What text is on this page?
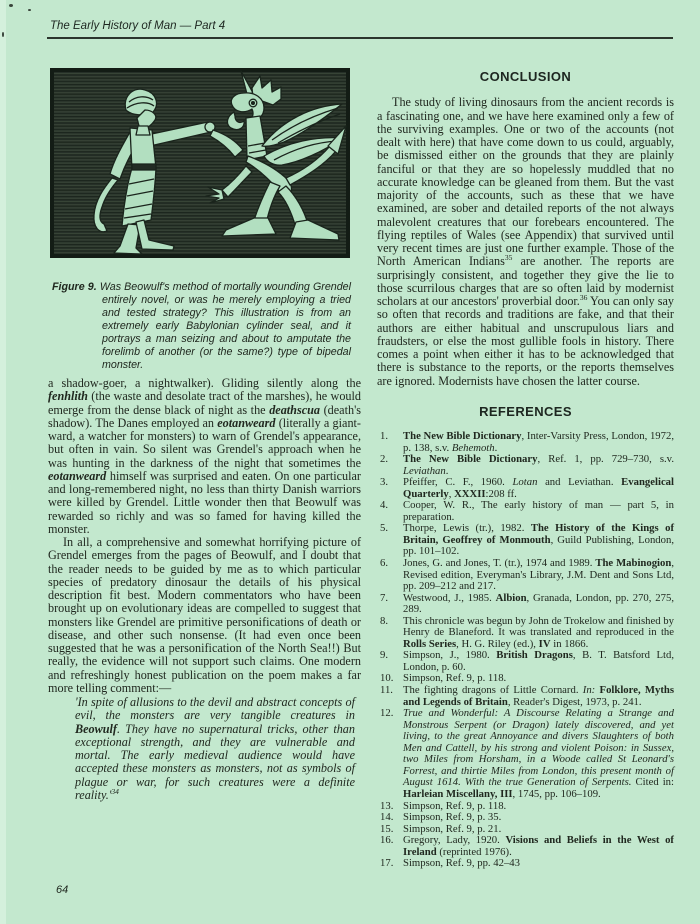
The Early History of Man — Part 4
Figure 9. Was Beowulf's method of mortally wounding Grendel entirely novel, or was he merely employing a tried and tested strategy? This illustration is from an extremely early Babylonian cylinder seal, and it portrays a man seizing and about to amputate the forelimb of another (or the same?) type of bipedal monster.
a shadow-goer, a nightwalker). Gliding silently along the fenhlith (the waste and desolate tract of the marshes), he would emerge from the dense black of night as the deathscua (death's shadow). The Danes employed an eotanweard (literally a giant-ward, a watcher for monsters) to warn of Grendel's appearance, but often in vain. So silent was Grendel's approach when he was hunting in the darkness of the night that sometimes the eotanweard himself was surprised and eaten. On one particular and long-remembered night, no less than thirty Danish warriors were killed by Grendel. Little wonder then that Beowulf was rewarded so richly and was so famed for having killed the monster.
In all, a comprehensive and somewhat horrifying picture of Grendel emerges from the pages of Beowulf, and I doubt that the reader needs to be guided by me as to which particular species of predatory dinosaur the details of his physical description fit best. Modern commentators who have been brought up on evolutionary ideas are compelled to suggest that monsters like Grendel are primitive personifications of death or disease, and other such nonsense. (It had even once been suggested that he was a personification of the North Sea!!) But really, the evidence will not support such claims. One modern and refreshingly honest publication on the poem makes a far more telling comment:—
'In spite of allusions to the devil and abstract concepts of evil, the monsters are very tangible creatures in Beowulf. They have no supernatural tricks, other than exceptional strength, and they are vulnerable and mortal. The early medieval audience would have accepted these monsters as monsters, not as symbols of plague or war, for such creatures were a definite $reality.'^{34}$
CONCLUSION
The study of living dinosaurs from the ancient records is a fascinating one, and we have here examined only a few of the surviving examples. One or two of the accounts (not dealt with here) that have come down to us could, arguably, be dismissed either on the grounds that they are plainly fanciful or that they are so hopelessly muddled that no accurate knowledge can be gleaned from them. But the vast majority of the accounts, such as these that we have examined, are sober and detailed reports of the not always malevolent creatures that our forebears encountered. The flying reptiles of Wales (see Appendix) that survived until very recent times are just one further example. Those of the North American Indians$^{35}$ are another. The reports are surprisingly consistent, and together they give the lie to those scurrilous charges that are so often laid by modernist scholars at our ancestors' proverbial door.$^{36}$ You can only say so often that records and traditions are fake, and that their authors are either habitual and unscrupulous liars and fraudsters, or else the most gullible fools in history. There comes a point when either it has to be acknowledged that there is substance to the reports, or the reports themselves are ignored. Modernists have chosen the latter course.
REFERENCES
1.	The New Bible Dictionary, Inter-Varsity Press, London, 1972, p. 138, s.v. Behemoth.
2.	The New Bible Dictionary, Ref. 1, pp. 729–730, s.v. Leviathan.
3.	Pfeiffer, C. F., 1960. Lotan and Leviathan. Evangelical Quarterly, XXXII:208 ff.
4.	Cooper, W. R., The early history of man — part 5, in preparation.
5.	Thorpe, Lewis (tr.), 1982. The History of the Kings of Britain, Geoffrey of Monmouth, Guild Publishing, London, pp. 101–102.
6.	Jones, G. and Jones, T. (tr.), 1974 and 1989. The Mabinogion, Revised edition, Everyman's Library, J.M. Dent and Sons Ltd, pp. 209–212 and 217.
7.	Westwood, J., 1985. Albion, Granada, London, pp. 270, 275, 289.
8.	This chronicle was begun by John de Trokelow and finished by Henry de Blaneford. It was translated and reproduced in the Rolls Series, H. G. Riley (ed.), IV in 1866.
9.	Simpson, J., 1980. British Dragons, B. T. Batsford Ltd, London, p. 60.
10. Simpson, Ref. 9, p. 118.
11. The fighting dragons of Little Cornard. In: Folklore, Myths and Legends of Britain, Reader's Digest, 1973, p. 241.
12. True and Wonderful: A Discourse Relating a Strange and Monstrous Serpent (or Dragon) lately discovered, and yet living, to the great Annoyance and divers Slaughters of both Men and Cattell, by his strong and violent Poison: in Sussex, two Miles from Horsham, in a Woode called St Leonard's Forrest, and thirtie Miles from London, this present month of August 1614. With the true Generation of Serpents. Cited in: Harleian Miscellany, III, 1745, pp. 106–109.
13. Simpson, Ref. 9, p. 118.
14. Simpson, Ref. 9, p. 35.
15. Simpson, Ref. 9, p. 21.
16. Gregory, Lady, 1920. Visions and Beliefs in the West of Ireland (reprinted 1976).
17. Simpson, Ref. 9, pp. 42–43
64
